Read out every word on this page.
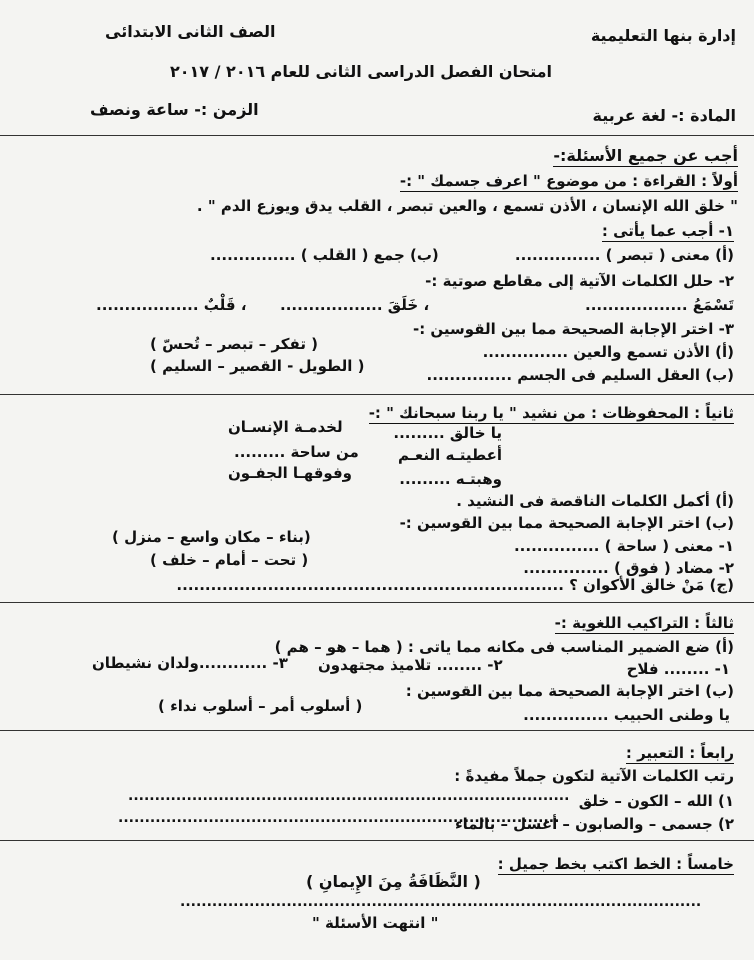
إدارة بنها التعليمية
الصف الثانى الابتدائى
امتحان الفصل الدراسى الثانى للعام ٢٠١٦ / ٢٠١٧
المادة :- لغة عربية
الزمن :- ساعة ونصف
أجب عن جميع الأسئلة:-
أولاً : القراءة : من موضوع " اعرف جسمك " :-
" خلق الله الإنسان ، الأذن تسمع ، والعين تبصر ، القلب يدق ويوزع الدم " .
١- أجب عما يأتى :
(أ) معنى ( تبصر ) ...............
(ب) جمع ( القلب ) ...............
٢- حلل الكلمات الآتية إلى مقاطع صوتية :-
تَسْمَعُ ..................
، خَلَقَ ..................
، قَلْبٌ ..................
٣- اختر الإجابة الصحيحة مما بين القوسين :-
(أ) الأذن تسمع والعين ...............
( تفكر – تبصر – تُحسّ )
(ب) العقل السليم فى الجسم ...............
( الطويل - القصير – السليم )
ثانياً : المحفوظات : من نشيد " يا ربنا سبحانك " :-
يا خالق .........
لخدمـة الإنسـان
أعطيتـه النعـم
من ساحة .........
وهبتـه .........
وفوقهـا الجفـون
(أ) أكمل الكلمات الناقصة فى النشيد .
(ب) اختر الإجابة الصحيحة مما بين القوسين :-
١- معنى ( ساحة ) ...............
(بناء – مكان واسع – منزل )
٢- مضاد ( فوق ) ...............
( تحت – أمام – خلف )
(ج) مَنْ خالق الأكوان ؟ ....................................................................
ثالثاً : التراكيب اللغوية :-
(أ) ضع الضمير المناسب فى مكانه مما ياتى : ( هما – هو – هم )
١- ........ فلاح
٢- ........ تلاميذ مجتهدون
٣- ............ولدان نشيطان
(ب) اختر الإجابة الصحيحة مما بين القوسين :
يا وطنى الحبيب ...............
( أسلوب أمر – أسلوب نداء )
رابعاً : التعبير :
رتب الكلمات الآتية لتكون جملاً مفيدةً :
١) الله – الكون – خلق
...................................................................................
٢) جسمى – والصابون – أغسل – بالماء
...................................................................................
خامساً : الخط اكتب بخط جميل :
( النَّظَافَةُ مِنَ الإِيمانِ )
..................................................................................................
" انتهت الأسئلة "
